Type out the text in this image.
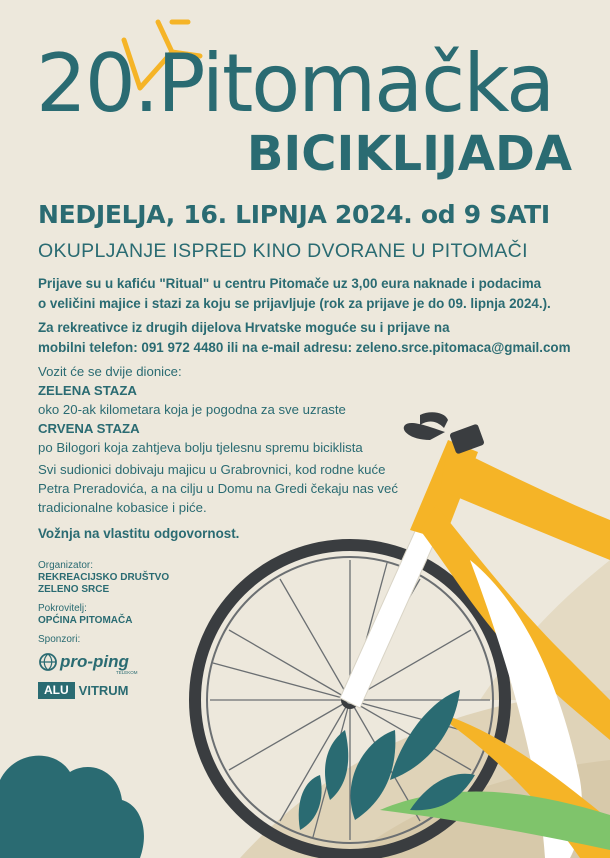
20.Pitomačka
BICIKLIJADA
NEDJELJA, 16. LIPNJA 2024. od 9 SATI
OKUPLJANJE ISPRED KINO DVORANE U PITOMAČI
Prijave su u kafiću "Ritual" u centru Pitomače uz 3,00 eura naknade i podacima
o veličini majice i stazi za koju se prijavljuje (rok za prijave je do 09. lipnja 2024.).
Za rekreativce iz drugih dijelova Hrvatske moguće su i prijave na
mobilni telefon: 091 972 4480 ili na e-mail adresu: zeleno.srce.pitomaca@gmail.com
Vozit će se dvije dionice:
ZELENA STAZA
oko 20-ak kilometara koja je pogodna za sve uzraste
CRVENA STAZA
po Bilogori koja zahtjeva bolju tjelesnu spremu biciklista
Svi sudionici dobivaju majicu u Grabrovnici, kod rodne kuće
Petra Preradovića, a na cilju u Domu na Gredi čekaju nas već
tradicionalne kobasice i piće.
Vožnja na vlastitu odgovornost.
Organizator:
REKREACIJSKO DRUŠTVO
ZELENO SRCE
Pokrovitelj:
OPĆINA PITOMAČA
Sponzori:
pro-ping
TELEKOM
ALU VITRUM
